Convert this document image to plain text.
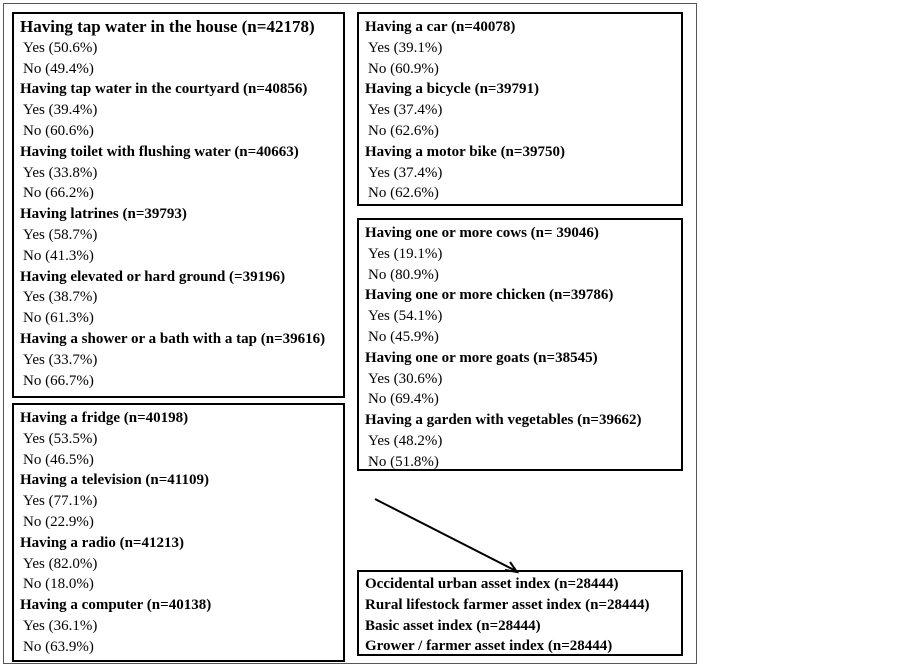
Having tap water in the house (n=42178)
Yes (50.6%)
No (49.4%)
Having tap water in the courtyard (n=40856)
Yes (39.4%)
No (60.6%)
Having toilet with flushing water (n=40663)
Yes (33.8%)
No (66.2%)
Having latrines (n=39793)
Yes (58.7%)
No (41.3%)
Having elevated or hard ground (=39196)
Yes (38.7%)
No (61.3%)
Having a shower or a bath with a tap (n=39616)
Yes (33.7%)
No (66.7%)
Having a fridge (n=40198)
Yes (53.5%)
No (46.5%)
Having a television (n=41109)
Yes (77.1%)
No (22.9%)
Having a radio (n=41213)
Yes (82.0%)
No (18.0%)
Having a computer (n=40138)
Yes (36.1%)
No (63.9%)
Having a car (n=40078)
Yes (39.1%)
No (60.9%)
Having a bicycle (n=39791)
Yes (37.4%)
No (62.6%)
Having a motor bike (n=39750)
Yes (37.4%)
No (62.6%)
Having one or more cows (n= 39046)
Yes (19.1%)
No (80.9%)
Having one or more chicken (n=39786)
Yes (54.1%)
No (45.9%)
Having one or more goats (n=38545)
Yes (30.6%)
No (69.4%)
Having a garden with vegetables (n=39662)
Yes (48.2%)
No (51.8%)
Occidental urban asset index (n=28444)
Rural lifestock farmer asset index (n=28444)
Basic asset index (n=28444)
Grower / farmer asset index (n=28444)
